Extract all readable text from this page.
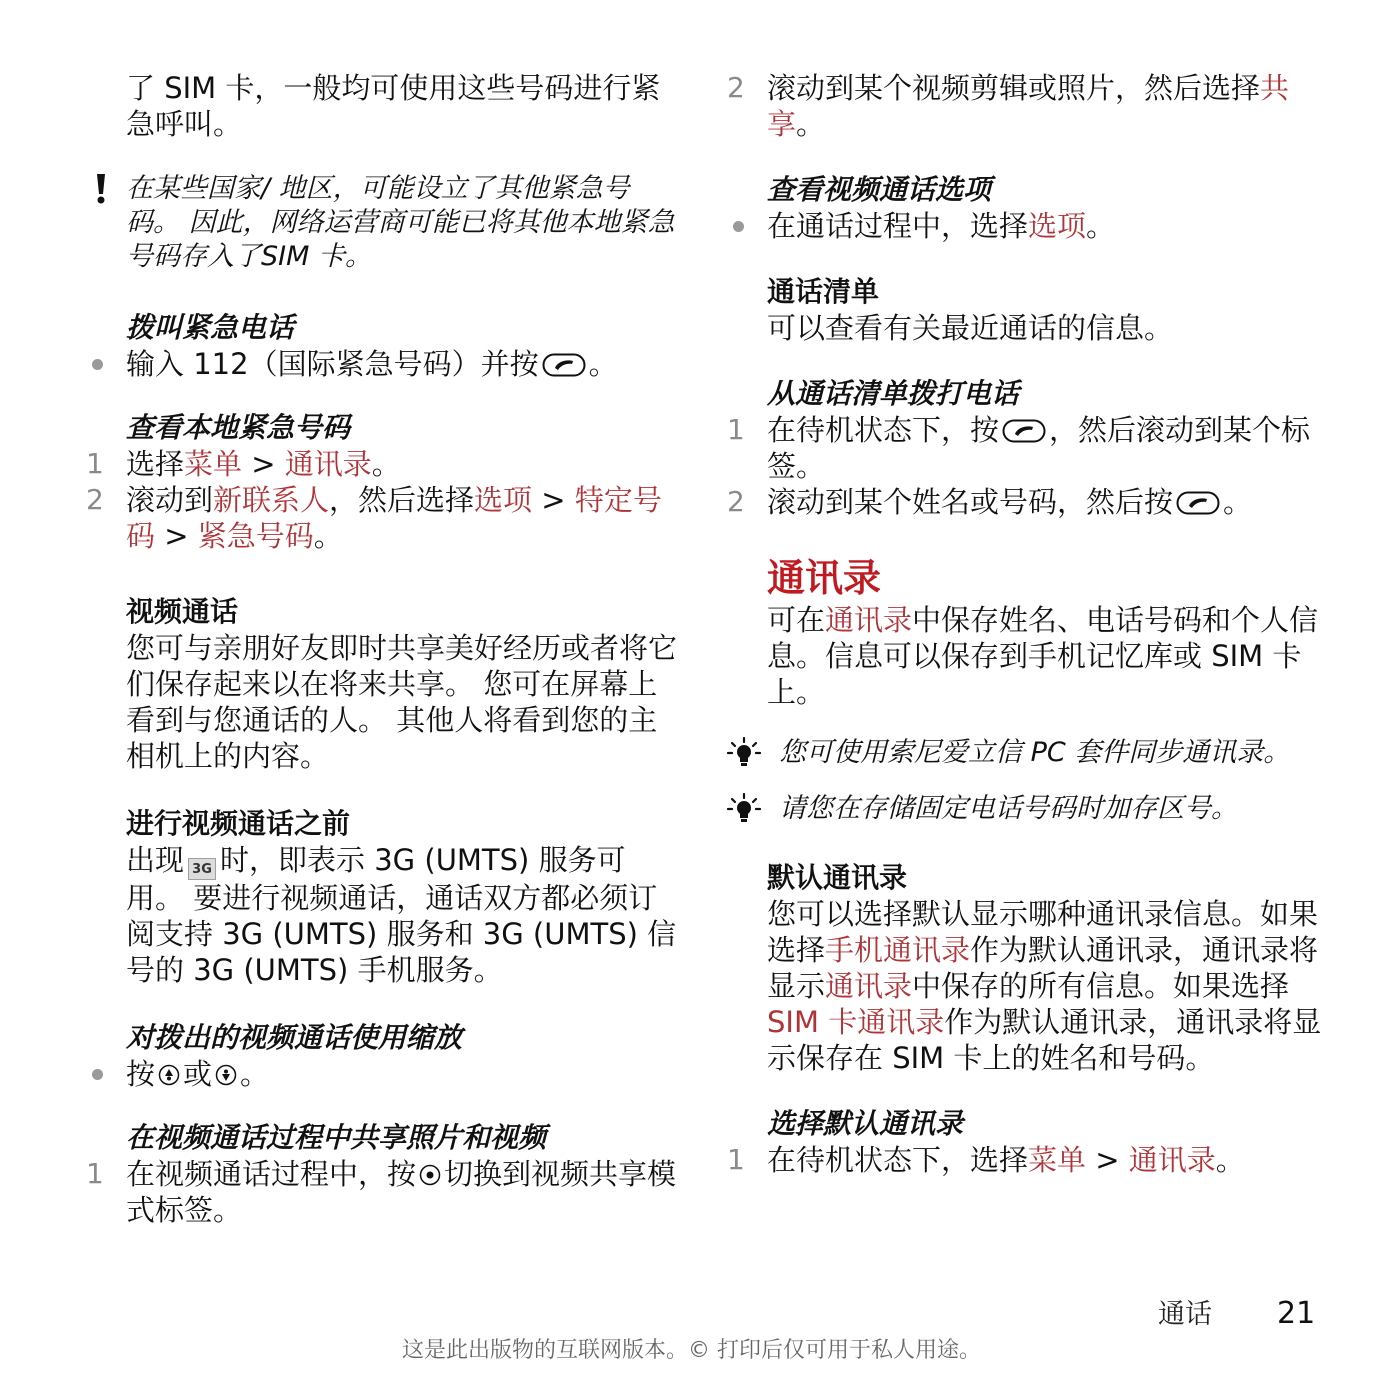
了 SIM 卡，一般均可使用这些号码进行紧急呼叫。

在某些国家/ 地区，可能设立了其他紧急号码。 因此，网络运营商可能已将其他本地紧急号码存入了SIM 卡。

拨叫紧急电话

输入 112（国际紧急号码）并按 。

查看本地紧急号码
1 选择菜单 > 通讯录。

2 滚动到新联系人，然后选择选项 > 特定号码 > 紧急号码。

视频通话

您可与亲朋好友即时共享美好经历或者将它们保存起来以在将来共享。 您可在屏幕上看到与您通话的人。 其他人将看到您的主相机上的内容。

进行视频通话之前

出现 3G 时，即表示 3G (UMTS) 服务可用。 要进行视频通话，通话双方都必须订阅支持 3G (UMTS) 服务和 3G (UMTS) 信号的 3G (UMTS) 手机服务。

对拨出的视频通话使用缩放

按 或 。

在视频通话过程中共享照片和视频
1 在视频通话过程中，按 切换到视频共享模式标签。

2 滚动到某个视频剪辑或照片，然后选择共享。

查看视频通话选项

在通话过程中，选择选项。

通话清单

可以查看有关最近通话的信息。

从通话清单拨打电话
1 在待机状态下，按 ，然后滚动到某个标签。

2 滚动到某个姓名或号码，然后按 。

通讯录

可在通讯录中保存姓名、电话号码和个人信息。信息可以保存到手机记忆库或 SIM 卡上。

您可使用索尼爱立信 PC 套件同步通讯录。

请您在存储固定电话号码时加存区号。

默认通讯录

您可以选择默认显示哪种通讯录信息。如果选择手机通讯录作为默认通讯录，通讯录将显示通讯录中保存的所有信息。如果选择 SIM 卡通讯录作为默认通讯录，通讯录将显示保存在 SIM 卡上的姓名和号码。

选择默认通讯录
1 在待机状态下，选择菜单 > 通讯录。

通话 21
这是此出版物的互联网版本。© 打印后仅可用于私人用途。
